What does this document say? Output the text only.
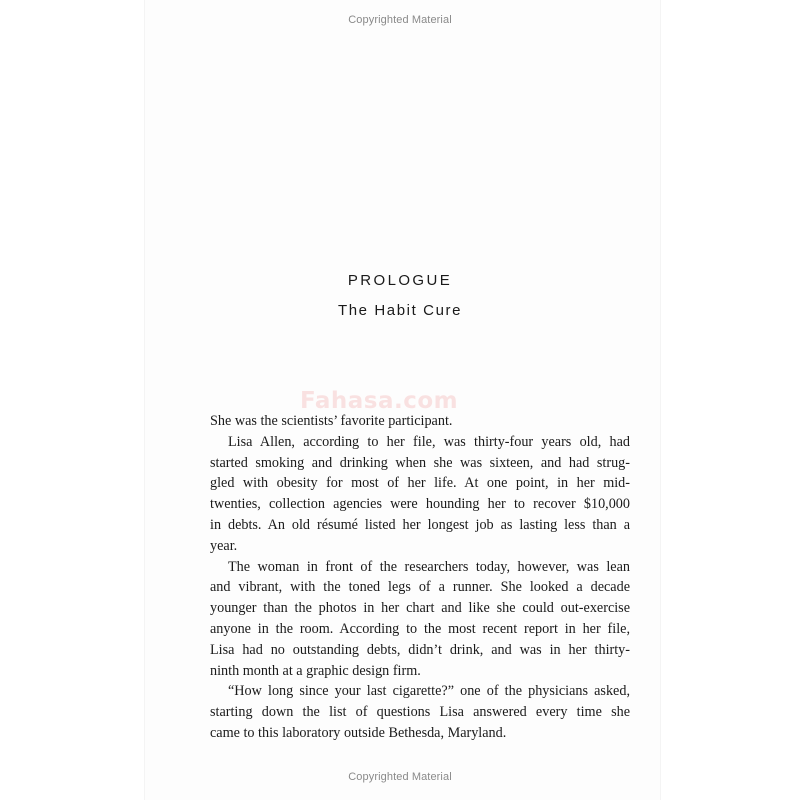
Copyrighted Material
PROLOGUE
The Habit Cure
Fahasa.com

She was the scientists’ favorite participant.

Lisa Allen, according to her file, was thirty-four years old, had
started smoking and drinking when she was sixteen, and had strug-
gled with obesity for most of her life. At one point, in her mid-
twenties, collection agencies were hounding her to recover $10,000
in debts. An old résumé listed her longest job as lasting less than a
year.

The woman in front of the researchers today, however, was lean
and vibrant, with the toned legs of a runner. She looked a decade
younger than the photos in her chart and like she could out-exercise
anyone in the room. According to the most recent report in her file,
Lisa had no outstanding debts, didn’t drink, and was in her thirty-
ninth month at a graphic design firm.

“How long since your last cigarette?” one of the physicians asked,
starting down the list of questions Lisa answered every time she
came to this laboratory outside Bethesda, Maryland.

Copyrighted Material
